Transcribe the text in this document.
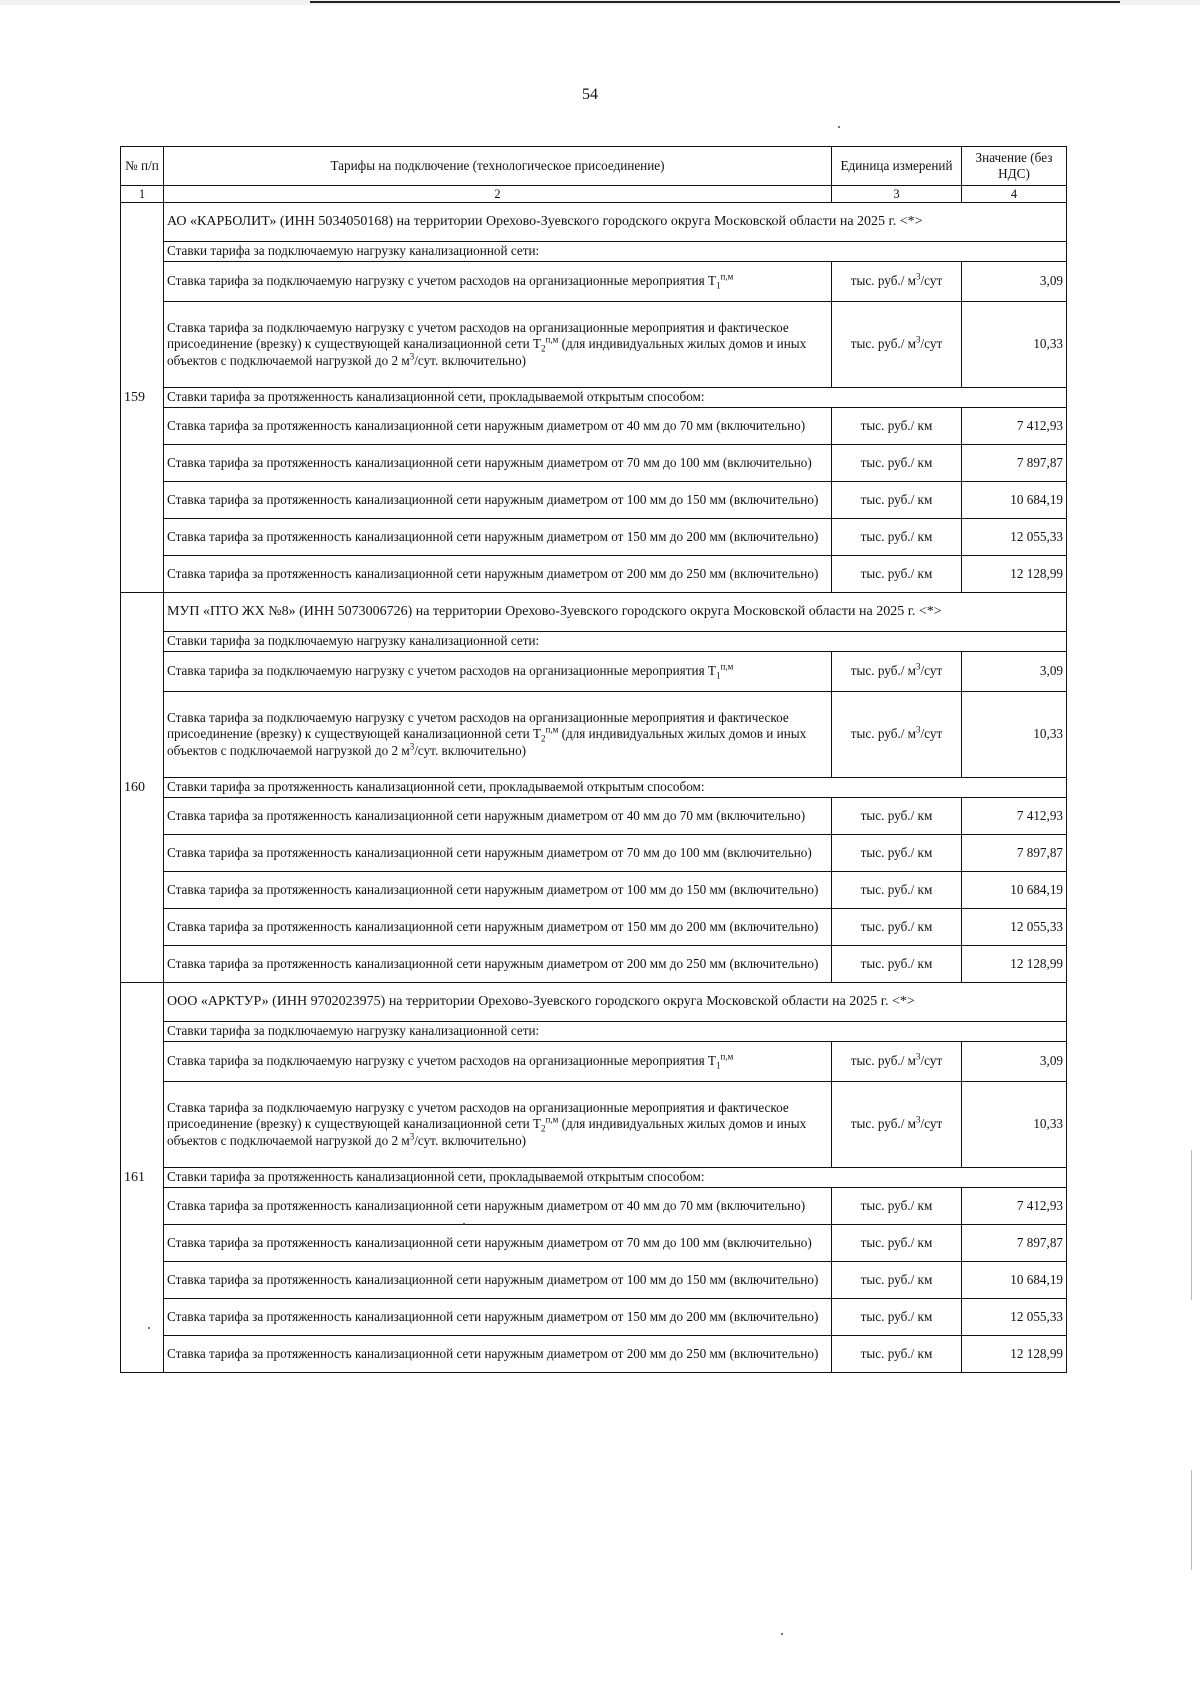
54
№ п/п	Тарифы на подключение (технологическое присоединение)	Единица измерений	Значение (без НДС)
1	2	3	4
159	АО «КАРБОЛИТ» (ИНН 5034050168) на территории Орехово-Зуевского городского округа Московской области на 2025 г. <*>		
	Ставки тарифа за подключаемую нагрузку канализационной сети:		
	Ставка тарифа за подключаемую нагрузку с учетом расходов на организационные мероприятия $T_1^{п,м}$	тыс. руб./ $м^3$/сут	3,09
	Ставка тарифа за подключаемую нагрузку с учетом расходов на организационные мероприятия и фактическое присоединение (врезку) к существующей канализационной сети $T_2^{п,м}$ (для индивидуальных жилых домов и иных объектов с подключаемой нагрузкой до 2 $м^3$/сут. включительно)	тыс. руб./ $м^3$/сут	10,33
	Ставки тарифа за протяженность канализационной сети, прокладываемой открытым способом:		
	Ставка тарифа за протяженность канализационной сети наружным диаметром от 40 мм до 70 мм (включительно)	тыс. руб./ км	7 412,93
	Ставка тарифа за протяженность канализационной сети наружным диаметром от 70 мм до 100 мм (включительно)	тыс. руб./ км	7 897,87
	Ставка тарифа за протяженность канализационной сети наружным диаметром от 100 мм до 150 мм (включительно)	тыс. руб./ км	10 684,19
	Ставка тарифа за протяженность канализационной сети наружным диаметром от 150 мм до 200 мм (включительно)	тыс. руб./ км	12 055,33
	Ставка тарифа за протяженность канализационной сети наружным диаметром от 200 мм до 250 мм (включительно)	тыс. руб./ км	12 128,99
160	МУП «ПТО ЖХ №8» (ИНН 5073006726) на территории Орехово-Зуевского городского округа Московской области на 2025 г. <*>		
	Ставки тарифа за подключаемую нагрузку канализационной сети:		
	Ставка тарифа за подключаемую нагрузку с учетом расходов на организационные мероприятия $T_1^{п,м}$	тыс. руб./ $м^3$/сут	3,09
	Ставка тарифа за подключаемую нагрузку с учетом расходов на организационные мероприятия и фактическое присоединение (врезку) к существующей канализационной сети $T_2^{п,м}$ (для индивидуальных жилых домов и иных объектов с подключаемой нагрузкой до 2 $м^3$/сут. включительно)	тыс. руб./ $м^3$/сут	10,33
	Ставки тарифа за протяженность канализационной сети, прокладываемой открытым способом:		
	Ставка тарифа за протяженность канализационной сети наружным диаметром от 40 мм до 70 мм (включительно)	тыс. руб./ км	7 412,93
	Ставка тарифа за протяженность канализационной сети наружным диаметром от 70 мм до 100 мм (включительно)	тыс. руб./ км	7 897,87
	Ставка тарифа за протяженность канализационной сети наружным диаметром от 100 мм до 150 мм (включительно)	тыс. руб./ км	10 684,19
	Ставка тарифа за протяженность канализационной сети наружным диаметром от 150 мм до 200 мм (включительно)	тыс. руб./ км	12 055,33
	Ставка тарифа за протяженность канализационной сети наружным диаметром от 200 мм до 250 мм (включительно)	тыс. руб./ км	12 128,99
161	ООО «АРКТУР» (ИНН 9702023975) на территории Орехово-Зуевского городского округа Московской области на 2025 г. <*>		
	Ставки тарифа за подключаемую нагрузку канализационной сети:		
	Ставка тарифа за подключаемую нагрузку с учетом расходов на организационные мероприятия $T_1^{п,м}$	тыс. руб./ $м^3$/сут	3,09
	Ставка тарифа за подключаемую нагрузку с учетом расходов на организационные мероприятия и фактическое присоединение (врезку) к существующей канализационной сети $T_2^{п,м}$ (для индивидуальных жилых домов и иных объектов с подключаемой нагрузкой до 2 $м^3$/сут. включительно)	тыс. руб./ $м^3$/сут	10,33
	Ставки тарифа за протяженность канализационной сети, прокладываемой открытым способом:		
	Ставка тарифа за протяженность канализационной сети наружным диаметром от 40 мм до 70 мм (включительно)	тыс. руб./ км	7 412,93
	Ставка тарифа за протяженность канализационной сети наружным диаметром от 70 мм до 100 мм (включительно)	тыс. руб./ км	7 897,87
	Ставка тарифа за протяженность канализационной сети наружным диаметром от 100 мм до 150 мм (включительно)	тыс. руб./ км	10 684,19
	Ставка тарифа за протяженность канализационной сети наружным диаметром от 150 мм до 200 мм (включительно)	тыс. руб./ км	12 055,33
	Ставка тарифа за протяженность канализационной сети наружным диаметром от 200 мм до 250 мм (включительно)	тыс. руб./ км	12 128,99
